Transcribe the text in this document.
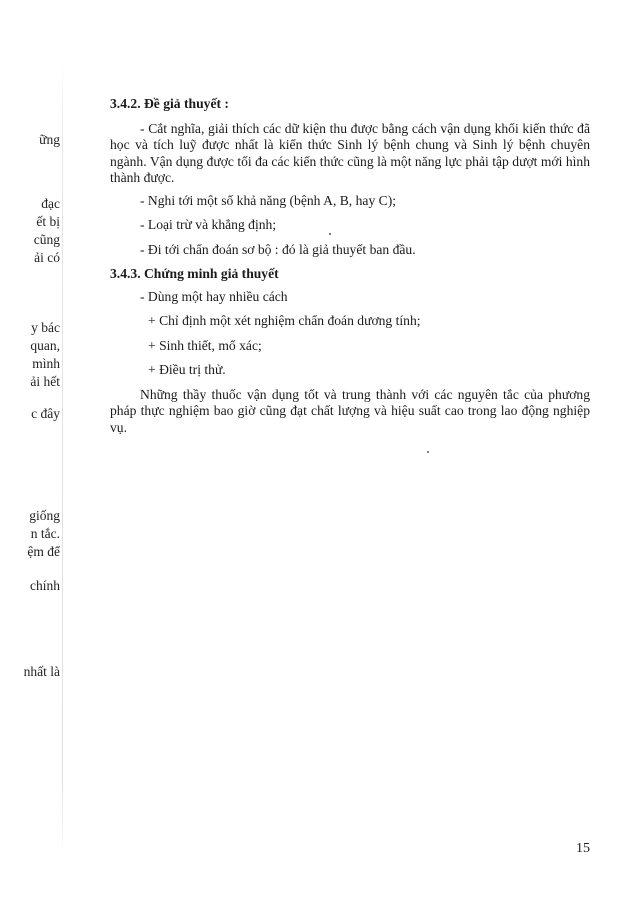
ững
đạc
ết bị
cũng
ải có
y bác
quan,
mình
ải hết
c đây
giống
n tắc.
ệm để
chính
nhất là

3.4.2. Đề giả thuyết :

- Cắt nghĩa, giải thích các dữ kiện thu được bằng cách vận dụng khối kiến thức đã học và tích luỹ được nhất là kiến thức Sinh lý bệnh chung và Sinh lý bệnh chuyên ngành. Vận dụng được tối đa các kiến thức cũng là một năng lực phải tập dượt mới hình thành được.

- Nghi tới một số khả năng (bệnh A, B, hay C);

- Loại trừ và khẳng định;

- Đi tới chẩn đoán sơ bộ : đó là giả thuyết ban đầu.

3.4.3. Chứng minh giả thuyết

- Dùng một hay nhiều cách

+ Chỉ định một xét nghiệm chẩn đoán dương tính;

+ Sinh thiết, mổ xác;

+ Điều trị thử.

Những thầy thuốc vận dụng tốt và trung thành với các nguyên tắc của phương pháp thực nghiệm bao giờ cũng đạt chất lượng và hiệu suất cao trong lao động nghiệp vụ.

15
